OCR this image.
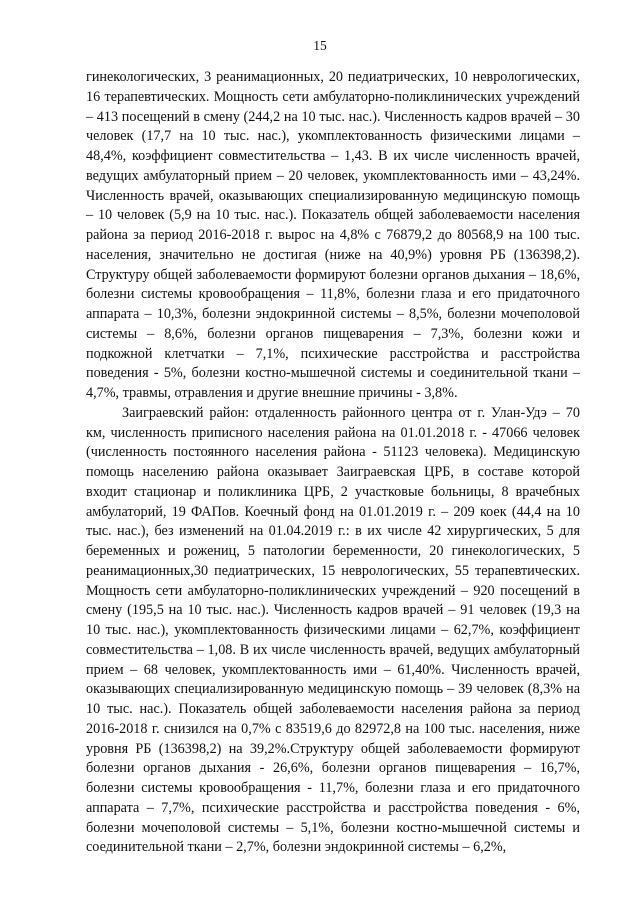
15

гинекологических, 3 реанимационных, 20 педиатрических, 10 неврологических, 16 терапевтических. Мощность сети амбулаторно-поликлинических учреждений – 413 посещений в смену (244,2 на 10 тыс. нас.). Численность кадров врачей – 30 человек (17,7 на 10 тыс. нас.), укомплектованность физическими лицами – 48,4%, коэффициент совместительства – 1,43. В их числе численность врачей, ведущих амбулаторный прием – 20 человек, укомплектованность ими – 43,24%. Численность врачей, оказывающих специализированную медицинскую помощь – 10 человек (5,9 на 10 тыс. нас.). Показатель общей заболеваемости населения района за период 2016-2018 г. вырос на 4,8% с 76879,2 до 80568,9 на 100 тыс. населения, значительно не достигая (ниже на 40,9%) уровня РБ (136398,2). Структуру общей заболеваемости формируют болезни органов дыхания – 18,6%, болезни системы кровообращения – 11,8%, болезни глаза и его придаточного аппарата – 10,3%, болезни эндокринной системы – 8,5%, болезни мочеполовой системы – 8,6%, болезни органов пищеварения – 7,3%, болезни кожи и подкожной клетчатки – 7,1%, психические расстройства и расстройства поведения - 5%, болезни костно-мышечной системы и соединительной ткани – 4,7%, травмы, отравления и другие внешние причины - 3,8%.

Заиграевский район: отдаленность районного центра от г. Улан-Удэ – 70 км, численность приписного населения района на 01.01.2018 г. - 47066 человек (численность постоянного населения района - 51123 человека). Медицинскую помощь населению района оказывает Заиграевская ЦРБ, в составе которой входит стационар и поликлиника ЦРБ, 2 участковые больницы, 8 врачебных амбулаторий, 19 ФАПов. Коечный фонд на 01.01.2019 г. – 209 коек (44,4 на 10 тыс. нас.), без изменений на 01.04.2019 г.: в их числе 42 хирургических, 5 для беременных и рожениц, 5 патологии беременности, 20 гинекологических, 5 реанимационных,30 педиатрических, 15 неврологических, 55 терапевтических. Мощность сети амбулаторно-поликлинических учреждений – 920 посещений в смену (195,5 на 10 тыс. нас.). Численность кадров врачей – 91 человек (19,3 на 10 тыс. нас.), укомплектованность физическими лицами – 62,7%, коэффициент совместительства – 1,08. В их числе численность врачей, ведущих амбулаторный прием – 68 человек, укомплектованность ими – 61,40%. Численность врачей, оказывающих специализированную медицинскую помощь – 39 человек (8,3% на 10 тыс. нас.). Показатель общей заболеваемости населения района за период 2016-2018 г. снизился на 0,7% с 83519,6 до 82972,8 на 100 тыс. населения, ниже уровня РБ (136398,2) на 39,2%.Структуру общей заболеваемости формируют болезни органов дыхания - 26,6%, болезни органов пищеварения – 16,7%, болезни системы кровообращения - 11,7%, болезни глаза и его придаточного аппарата – 7,7%, психические расстройства и расстройства поведения - 6%, болезни мочеполовой системы – 5,1%, болезни костно-мышечной системы и соединительной ткани – 2,7%, болезни эндокринной системы – 6,2%,
